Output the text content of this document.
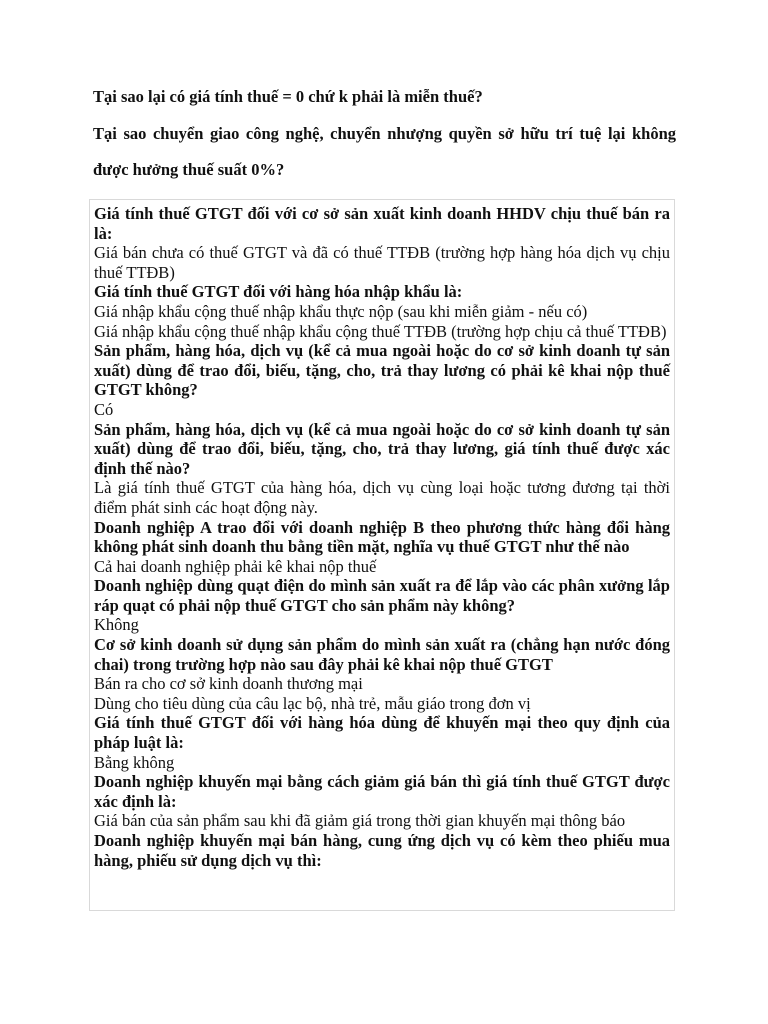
Tại sao lại có giá tính thuế = 0 chứ k phải là miễn thuế?

Tại sao chuyển giao công nghệ, chuyển nhượng quyền sở hữu trí tuệ lại không được hưởng thuế suất 0%?

Giá tính thuế GTGT đối với cơ sở sản xuất kinh doanh HHDV chịu thuế bán ra là:

Giá bán chưa có thuế GTGT và đã có thuế TTĐB (trường hợp hàng hóa dịch vụ chịu thuế TTĐB)

Giá tính thuế GTGT đối với hàng hóa nhập khẩu là:

Giá nhập khẩu cộng thuế nhập khẩu thực nộp (sau khi miễn giảm - nếu có)

Giá nhập khẩu cộng thuế nhập khẩu cộng thuế TTĐB (trường hợp chịu cả thuế TTĐB)

Sản phẩm, hàng hóa, dịch vụ (kể cả mua ngoài hoặc do cơ sở kinh doanh tự sản xuất) dùng để trao đổi, biếu, tặng, cho, trả thay lương có phải kê khai nộp thuế GTGT không?

Có

Sản phẩm, hàng hóa, dịch vụ (kể cả mua ngoài hoặc do cơ sở kinh doanh tự sản xuất) dùng để trao đổi, biếu, tặng, cho, trả thay lương, giá tính thuế được xác định thế nào?

Là giá tính thuế GTGT của hàng hóa, dịch vụ cùng loại hoặc tương đương tại thời điểm phát sinh các hoạt động này.

Doanh nghiệp A trao đổi với doanh nghiệp B theo phương thức hàng đổi hàng không phát sinh doanh thu bằng tiền mặt, nghĩa vụ thuế GTGT như thế nào

Cả hai doanh nghiệp phải kê khai nộp thuế

Doanh nghiệp dùng quạt điện do mình sản xuất ra để lắp vào các phân xưởng lắp ráp quạt có phải nộp thuế GTGT cho sản phẩm này không?

Không

Cơ sở kinh doanh sử dụng sản phẩm do mình sản xuất ra (chẳng hạn nước đóng chai) trong trường hợp nào sau đây phải kê khai nộp thuế GTGT

Bán ra cho cơ sở kinh doanh thương mại

Dùng cho tiêu dùng của câu lạc bộ, nhà trẻ, mẫu giáo trong đơn vị

Giá tính thuế GTGT đối với hàng hóa dùng để khuyến mại theo quy định của pháp luật là:

Bằng không

Doanh nghiệp khuyến mại bằng cách giảm giá bán thì giá tính thuế GTGT được xác định là:

Giá bán của sản phẩm sau khi đã giảm giá trong thời gian khuyến mại thông báo

Doanh nghiệp khuyến mại bán hàng, cung ứng dịch vụ có kèm theo phiếu mua hàng, phiếu sử dụng dịch vụ thì:
